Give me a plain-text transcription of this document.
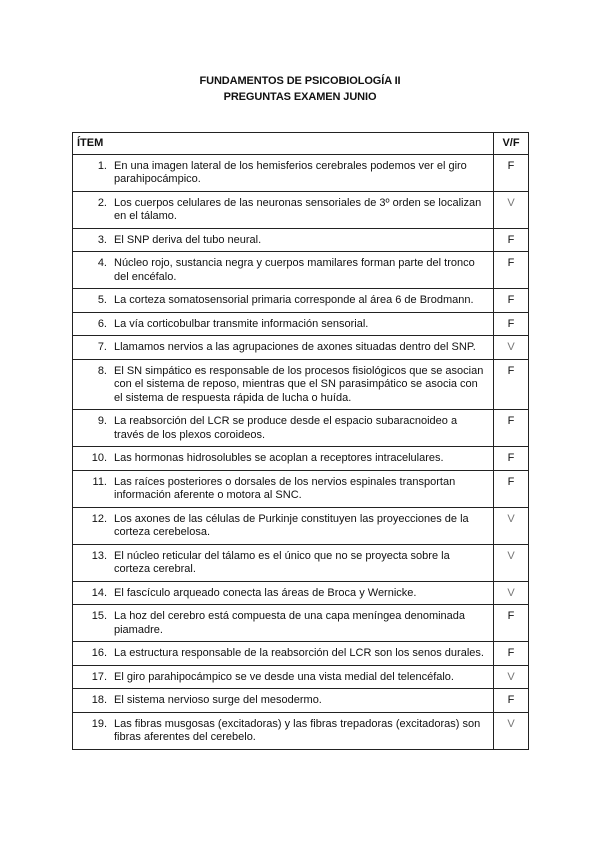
FUNDAMENTOS DE PSICOBIOLOGÍA II
PREGUNTAS EXAMEN JUNIO
ÍTEM	V/F

1. En una imagen lateral de los hemisferios cerebrales podemos ver el giro parahipocámpico.	F

2. Los cuerpos celulares de las neuronas sensoriales de 3º orden se localizan en el tálamo.	V

3. El SNP deriva del tubo neural.	F

4. Núcleo rojo, sustancia negra y cuerpos mamilares forman parte del tronco del encéfalo.	F

5. La corteza somatosensorial primaria corresponde al área 6 de Brodmann.	F

6. La vía corticobulbar transmite información sensorial.	F

7. Llamamos nervios a las agrupaciones de axones situadas dentro del SNP.	V

8. El SN simpático es responsable de los procesos fisiológicos que se asocian con el sistema de reposo, mientras que el SN parasimpático se asocia con el sistema de respuesta rápida de lucha o huída.	F

9. La reabsorción del LCR se produce desde el espacio subaracnoideo a través de los plexos coroideos.	F

10. Las hormonas hidrosolubles se acoplan a receptores intracelulares.	F

11. Las raíces posteriores o dorsales de los nervios espinales transportan información aferente o motora al SNC.	F

12. Los axones de las células de Purkinje constituyen las proyecciones de la corteza cerebelosa.	V

13. El núcleo reticular del tálamo es el único que no se proyecta sobre la corteza cerebral.	V

14. El fascículo arqueado conecta las áreas de Broca y Wernicke.	V

15. La hoz del cerebro está compuesta de una capa meníngea denominada piamadre.	F

16. La estructura responsable de la reabsorción del LCR son los senos durales.	F

17. El giro parahipocámpico se ve desde una vista medial del telencéfalo.	V

18. El sistema nervioso surge del mesodermo.	F

19. Las fibras musgosas (excitadoras) y las fibras trepadoras (excitadoras) son fibras aferentes del cerebelo.	V
